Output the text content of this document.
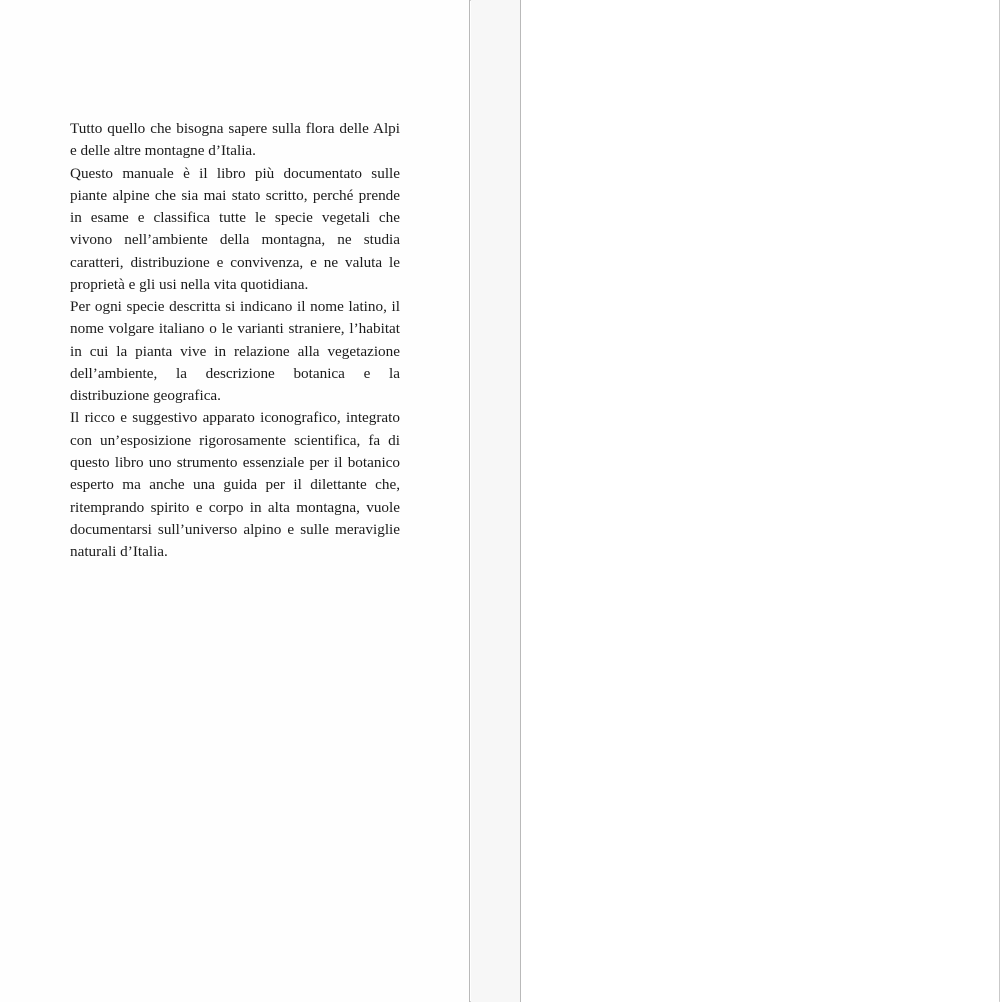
Tutto quello che bisogna sapere sulla flora delle Alpi e delle altre montagne d’Italia.

Questo manuale è il libro più documentato sulle piante alpine che sia mai stato scritto, perché prende in esame e classifica tutte le specie vegetali che vivono nell’ambiente della montagna, ne studia caratteri, distribuzione e convivenza, e ne valuta le proprietà e gli usi nella vita quotidiana.

Per ogni specie descritta si indicano il nome latino, il nome volgare italiano o le varianti straniere, l’habitat in cui la pianta vive in relazione alla vegetazione dell’ambiente, la descrizione botanica e la distribuzione geografica.

Il ricco e suggestivo apparato iconografico, integrato con un’esposizione rigorosamente scientifica, fa di questo libro uno strumento essenziale per il botanico esperto ma anche una guida per il dilettante che, ritemprando spirito e corpo in alta montagna, vuole documentarsi sull’universo alpino e sulle meraviglie naturali d’Italia.
